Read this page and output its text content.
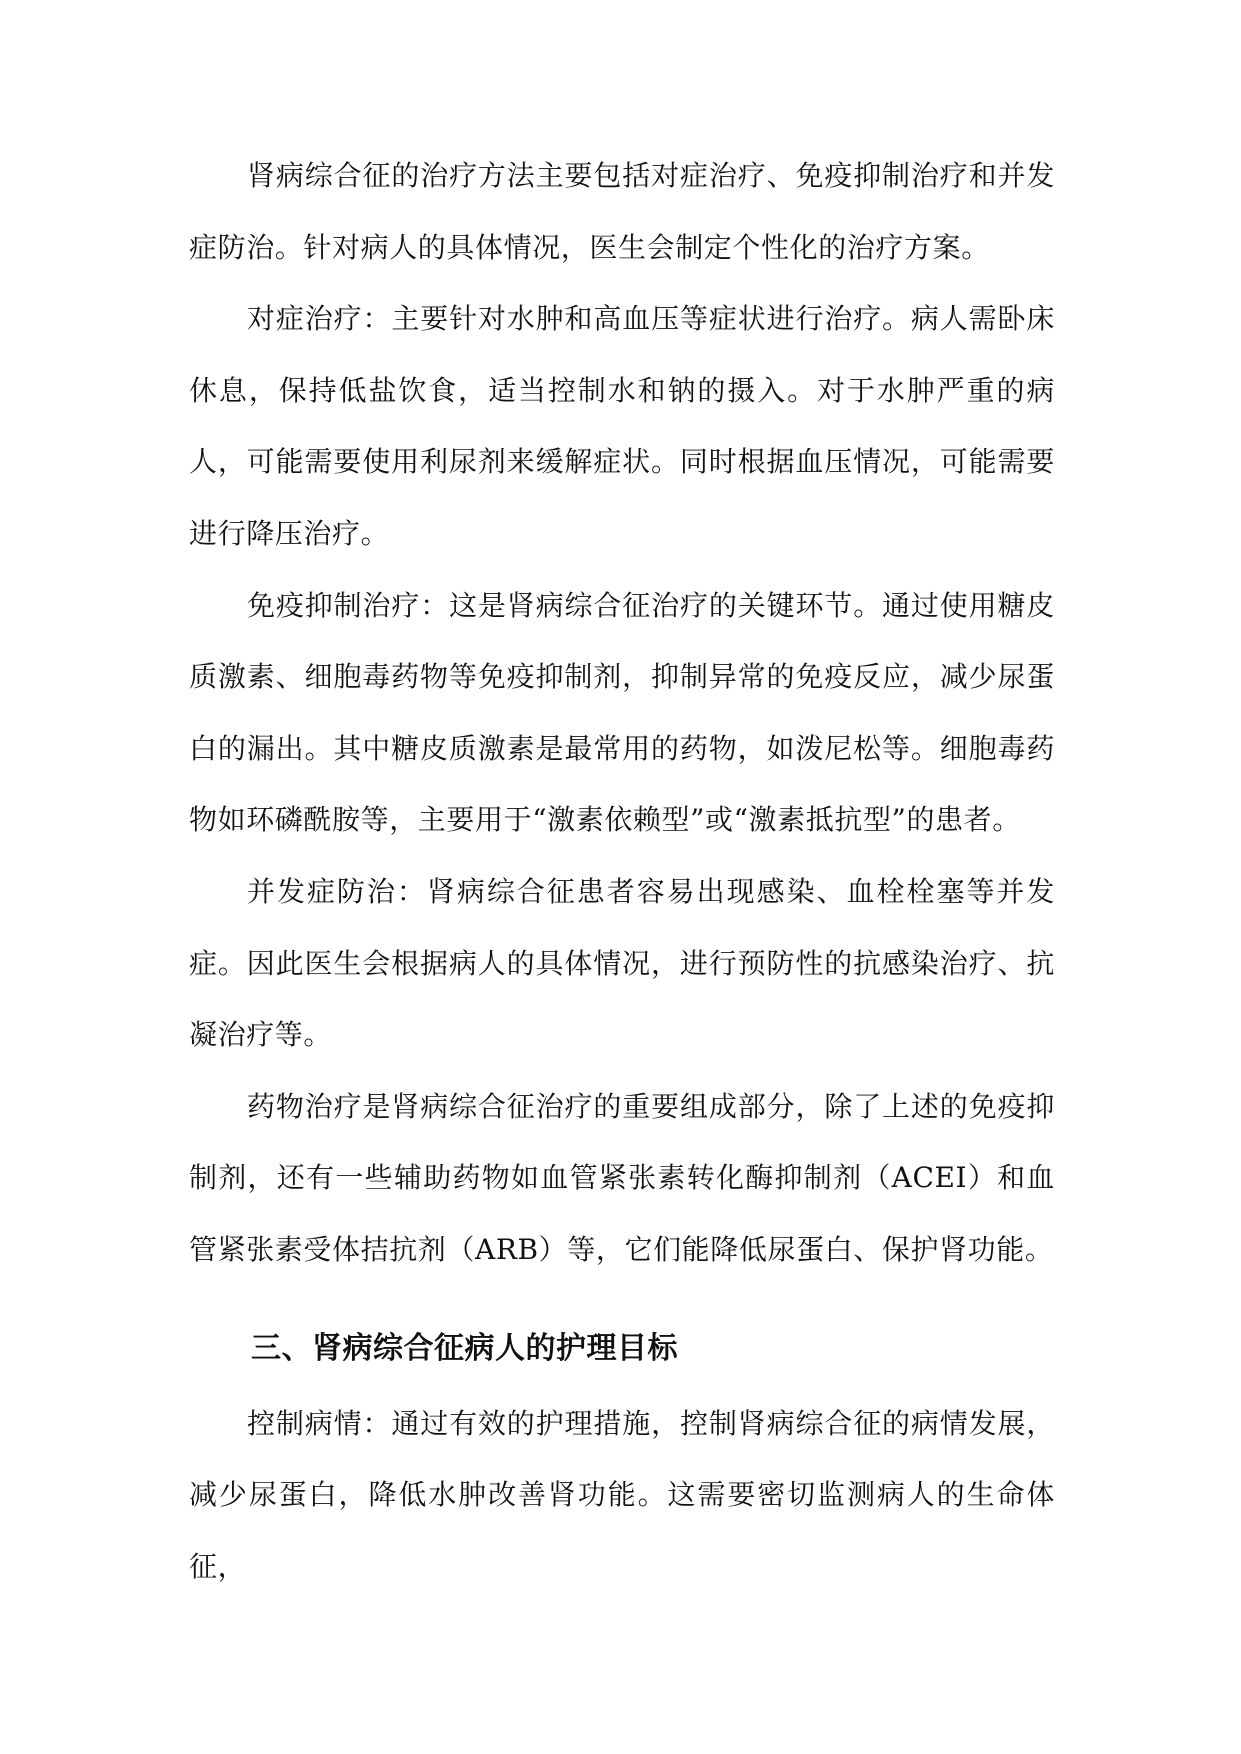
肾病综合征的治疗方法主要包括对症治疗、免疫抑制治疗和并发症防治。针对病人的具体情况，医生会制定个性化的治疗方案。

对症治疗：主要针对水肿和高血压等症状进行治疗。病人需卧床休息，保持低盐饮食，适当控制水和钠的摄入。对于水肿严重的病人，可能需要使用利尿剂来缓解症状。同时根据血压情况，可能需要进行降压治疗。

免疫抑制治疗：这是肾病综合征治疗的关键环节。通过使用糖皮质激素、细胞毒药物等免疫抑制剂，抑制异常的免疫反应，减少尿蛋白的漏出。其中糖皮质激素是最常用的药物，如泼尼松等。细胞毒药物如环磷酰胺等，主要用于“激素依赖型”或“激素抵抗型”的患者。

并发症防治：肾病综合征患者容易出现感染、血栓栓塞等并发症。因此医生会根据病人的具体情况，进行预防性的抗感染治疗、抗凝治疗等。

药物治疗是肾病综合征治疗的重要组成部分，除了上述的免疫抑制剂，还有一些辅助药物如血管紧张素转化酶抑制剂（ACEI）和血管紧张素受体拮抗剂（ARB）等，它们能降低尿蛋白、保护肾功能。

三、肾病综合征病人的护理目标

控制病情：通过有效的护理措施，控制肾病综合征的病情发展，减少尿蛋白，降低水肿改善肾功能。这需要密切监测病人的生命体征，
